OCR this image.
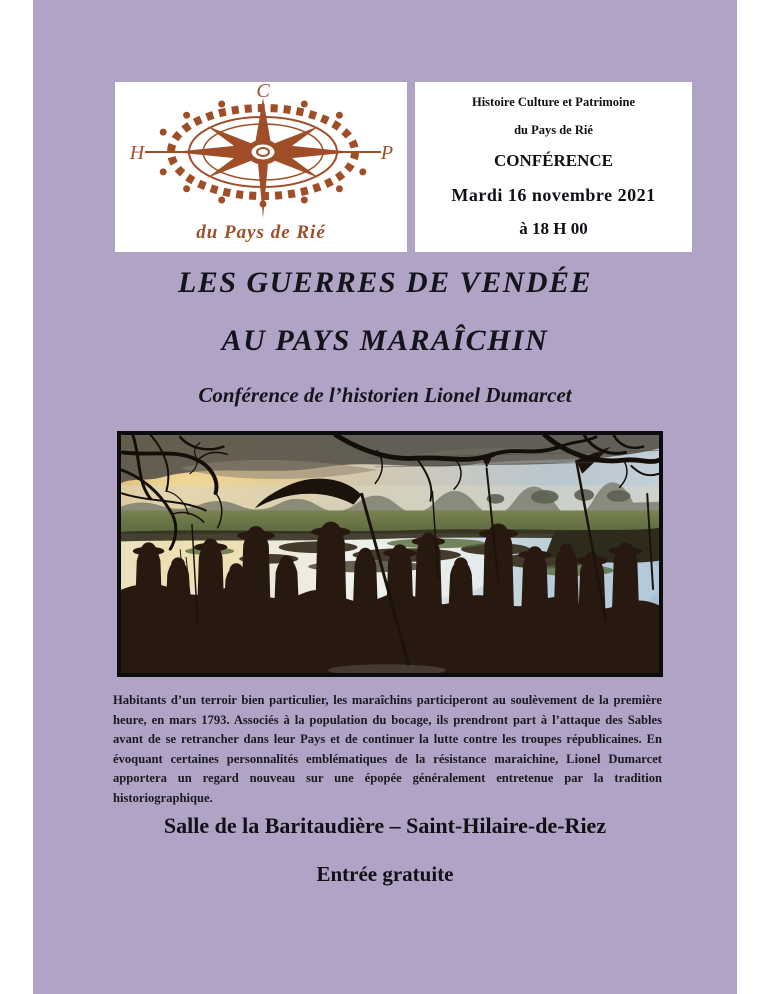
C
H	P
du Pays de Rié
Histoire Culture et Patrimoine
du Pays de Rié
CONFÉRENCE
Mardi 16 novembre 2021
à 18 H 00
LES GUERRES DE VENDÉE
AU PAYS MARAÎCHIN
Conférence de l’historien Lionel Dumarcet

Habitants d’un terroir bien particulier, les maraîchins participeront au soulèvement de la première heure, en mars 1793. Associés à la population du bocage, ils prendront part à l’attaque des Sables avant de se retrancher dans leur Pays et de continuer la lutte contre les troupes républicaines. En évoquant certaines personnalités emblématiques de la résistance maraichine, Lionel Dumarcet apportera un regard nouveau sur une épopée généralement entretenue par la tradition historiographique.

Salle de la Baritaudière – Saint-Hilaire-de-Riez
Entrée gratuite
